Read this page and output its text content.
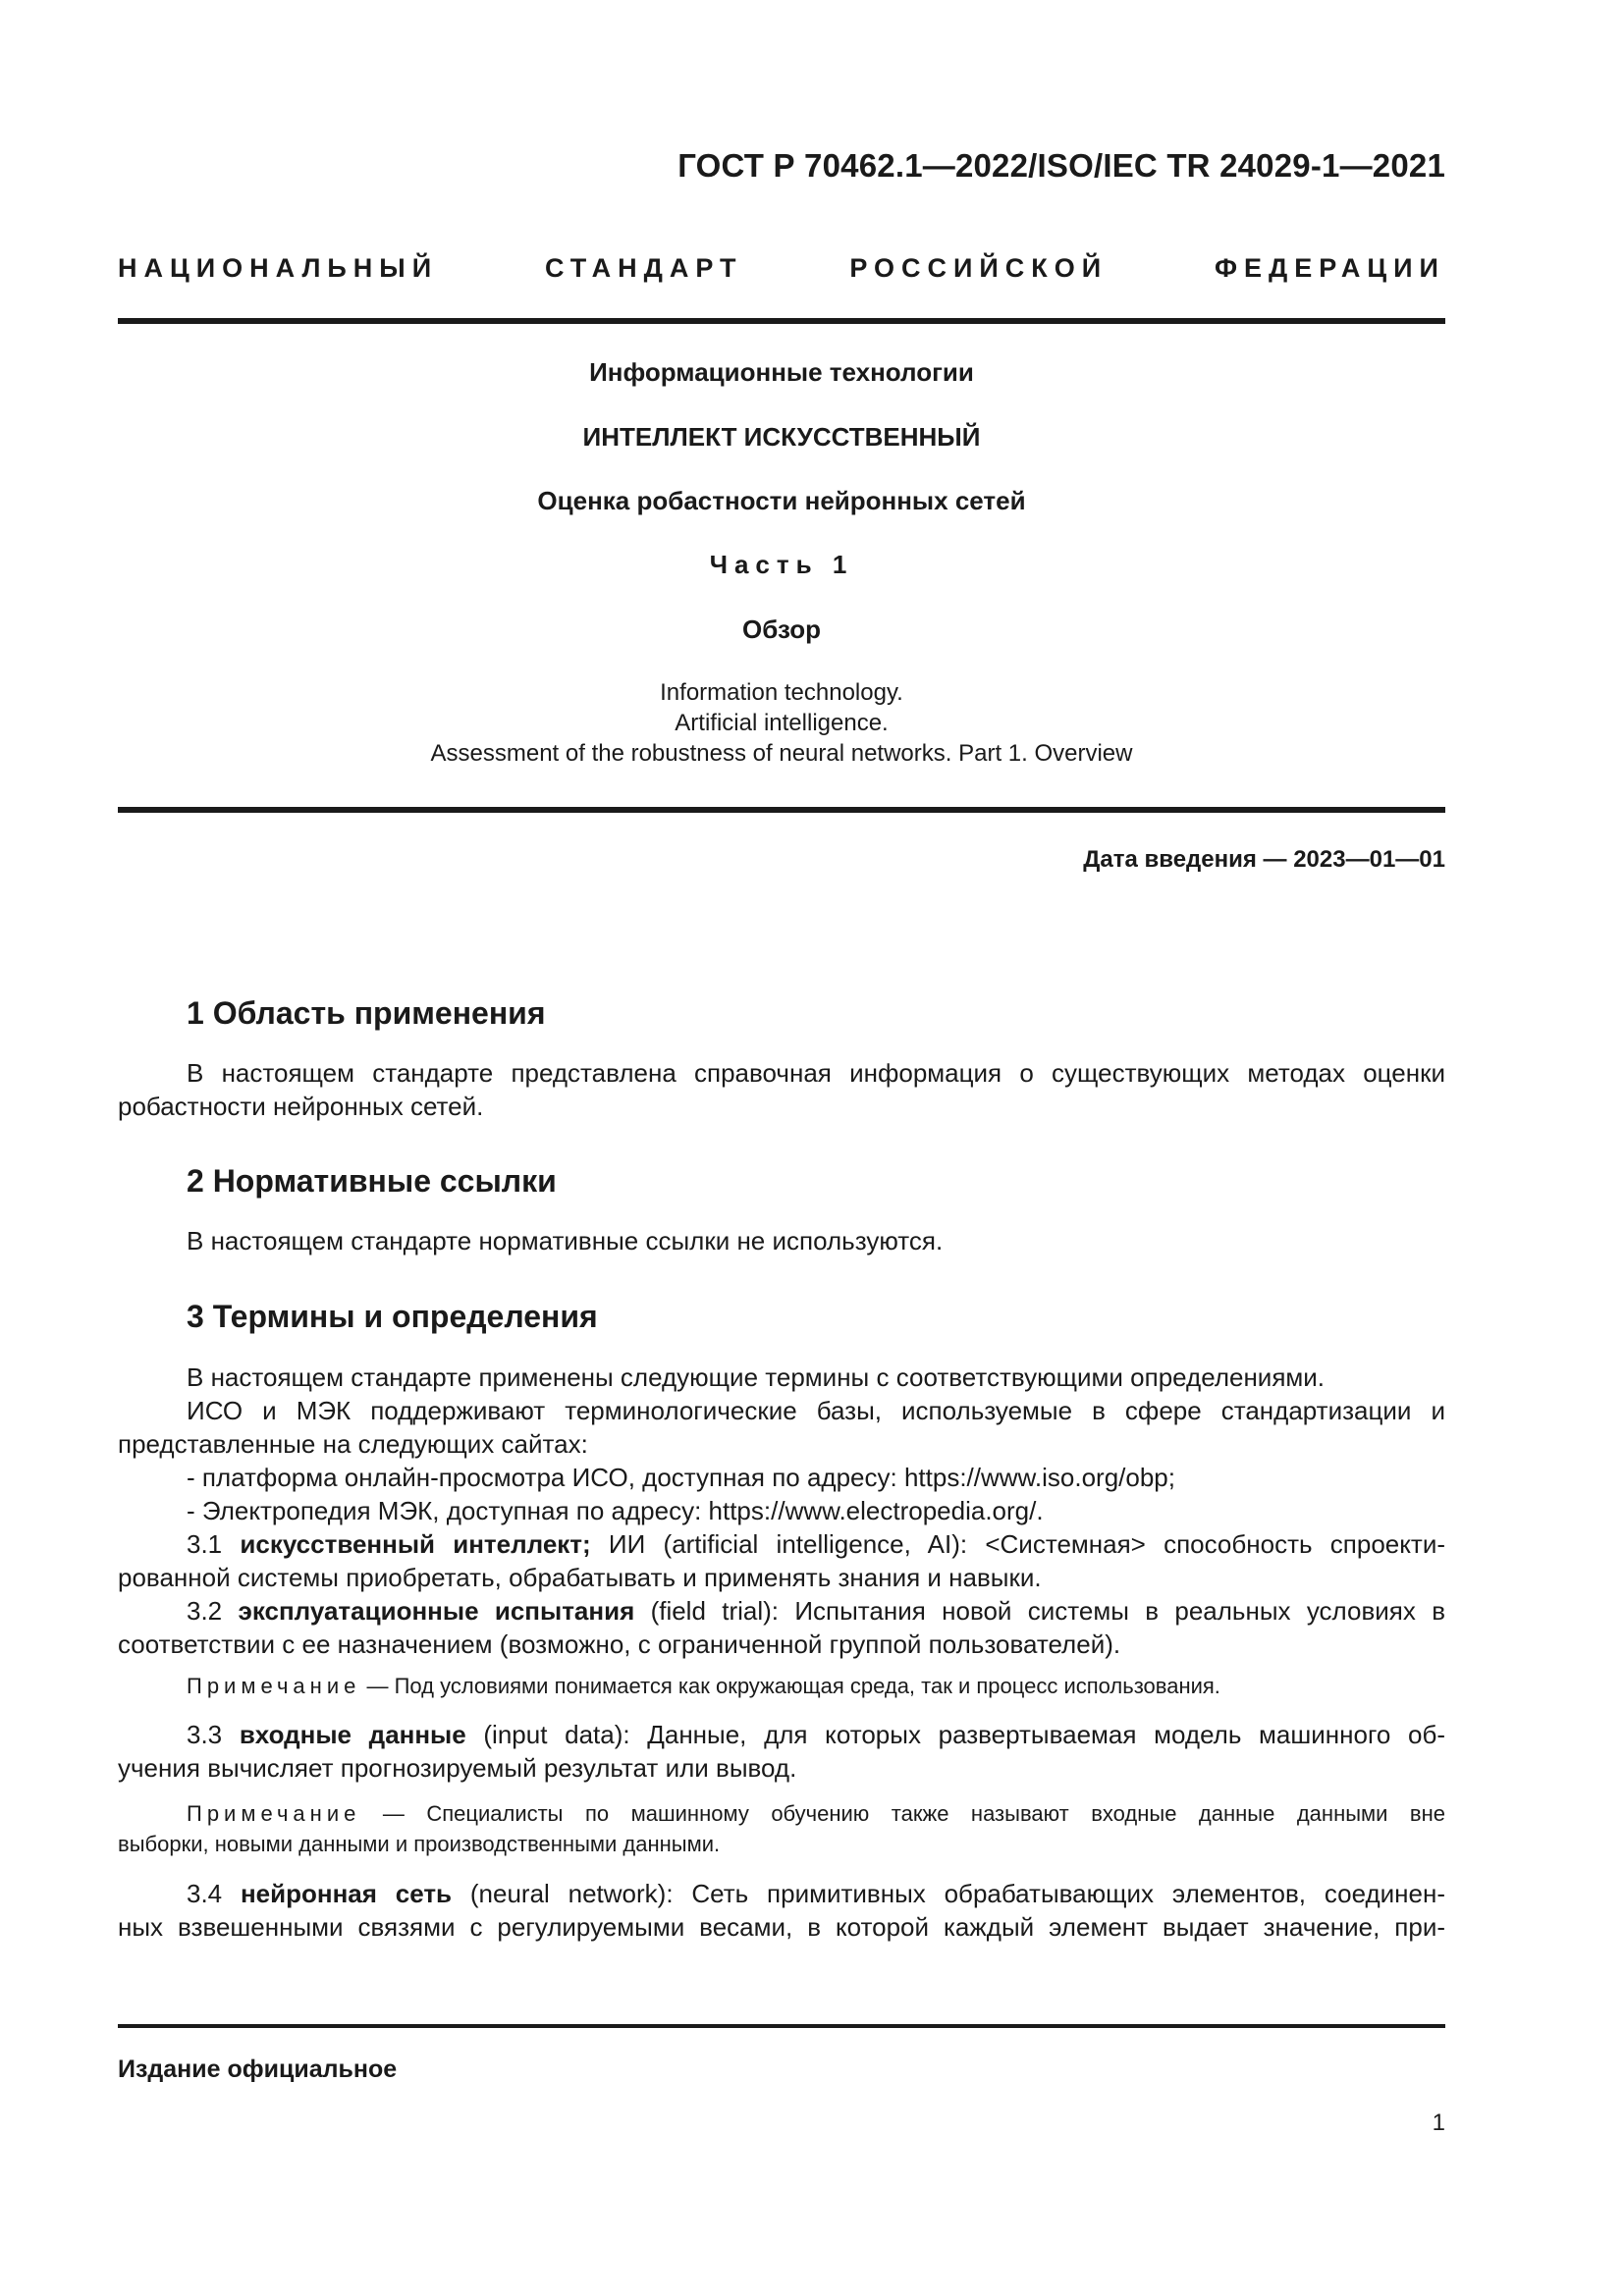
ГОСТ Р 70462.1—2022/ISO/IEC TR 24029-1—2021
НАЦИОНАЛЬНЫЙ	СТАНДАРТ	РОССИЙСКОЙ	ФЕДЕРАЦИИ
Информационные технологии
ИНТЕЛЛЕКТ ИСКУССТВЕННЫЙ
Оценка робастности нейронных сетей
Часть 1
Обзор
Information technology.
Artificial intelligence.
Assessment of the robustness of neural networks. Part 1. Overview
Дата введения — 2023—01—01
1 Область применения

В настоящем стандарте представлена справочная информация о существующих методах оценки

робастности нейронных сетей.

2 Нормативные ссылки

В настоящем стандарте нормативные ссылки не используются.

3 Термины и определения

В настоящем стандарте применены следующие термины с соответствующими определениями.

ИСО и МЭК поддерживают терминологические базы, используемые в сфере стандартизации и

представленные на следующих сайтах:

- платформа онлайн-просмотра ИСО, доступная по адресу: https://www.iso.org/obp;

- Электропедия МЭК, доступная по адресу: https://www.electropedia.org/.

3.1 искусственный интеллект; ИИ (artificial intelligence, AI): <Системная> способность спроекти-

рованной системы приобретать, обрабатывать и применять знания и навыки.

3.2 эксплуатационные испытания (field trial): Испытания новой системы в реальных условиях в

соответствии с ее назначением (возможно, с ограниченной группой пользователей).

Примечание — Под условиями понимается как окружающая среда, так и процесс использования.

3.3 входные данные (input data): Данные, для которых развертываемая модель машинного об-

учения вычисляет прогнозируемый результат или вывод.

Примечание — Специалисты по машинному обучению также называют входные данные данными вне

выборки, новыми данными и производственными данными.

3.4 нейронная сеть (neural network): Сеть примитивных обрабатывающих элементов, соединен-

ных взвешенными связями с регулируемыми весами, в которой каждый элемент выдает значение, при-

Издание официальное
1
